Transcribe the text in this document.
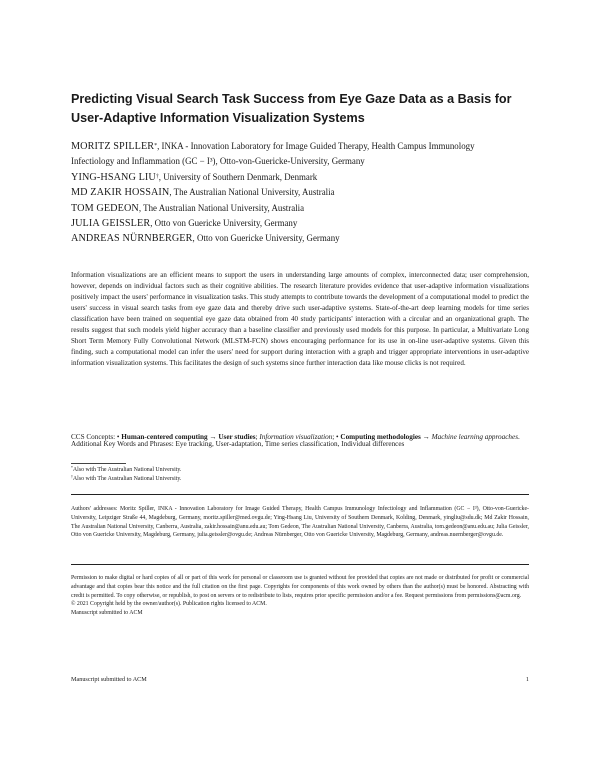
Predicting Visual Search Task Success from Eye Gaze Data as a Basis for
User-Adaptive Information Visualization Systems
MORITZ SPILLER*, INKA - Innovation Laboratory for Image Guided Therapy, Health Campus Immunology
Infectiology and Inflammation (GC − I³), Otto-von-Guericke-University, Germany
YING-HSANG LIU†, University of Southern Denmark, Denmark
MD ZAKIR HOSSAIN, The Australian National University, Australia
TOM GEDEON, The Australian National University, Australia
JULIA GEISSLER, Otto von Guericke University, Germany
ANDREAS NÜRNBERGER, Otto von Guericke University, Germany
Information visualizations are an efficient means to support the users in understanding large amounts of complex, interconnected data; user comprehension, however, depends on individual factors such as their cognitive abilities. The research literature provides evidence that user-adaptive information visualizations positively impact the users' performance in visualization tasks. This study attempts to contribute towards the development of a computational model to predict the users' success in visual search tasks from eye gaze data and thereby drive such user-adaptive systems. State-of-the-art deep learning models for time series classification have been trained on sequential eye gaze data obtained from 40 study participants' interaction with a circular and an organizational graph. The results suggest that such models yield higher accuracy than a baseline classifier and previously used models for this purpose. In particular, a Multivariate Long Short Term Memory Fully Convolutional Network (MLSTM-FCN) shows encouraging performance for its use in on-line user-adaptive systems. Given this finding, such a computational model can infer the users' need for support during interaction with a graph and trigger appropriate interventions in user-adaptive information visualization systems. This facilitates the design of such systems since further interaction data like mouse clicks is not required.
CCS Concepts: • Human-centered computing → User studies; Information visualization; • Computing methodologies → Machine learning approaches.
Additional Key Words and Phrases: Eye tracking, User-adaptation, Time series classification, Individual differences
*Also with The Australian National University.
†Also with The Australian National University.
Authors' addresses: Moritz Spiller, INKA - Innovation Laboratory for Image Guided Therapy, Health Campus Immunology Infectiology and Inflammation (GC − I³), Otto-von-Guericke-University, Leipziger Straße 44, Magdeburg, Germany, moritz.spiller@med.ovgu.de; Ying-Hsang Liu, University of Southern Denmark, Kolding, Denmark, yingliu@sdu.dk; Md Zakir Hossain, The Australian National University, Canberra, Australia, zakir.hossain@anu.edu.au; Tom Gedeon, The Australian National University, Canberra, Australia, tom.gedeon@anu.edu.au; Julia Geissler, Otto von Guericke University, Magdeburg, Germany, julia.geissler@ovgu.de; Andreas Nürnberger, Otto von Guericke University, Magdeburg, Germany, andreas.nuernberger@ovgu.de.
Permission to make digital or hard copies of all or part of this work for personal or classroom use is granted without fee provided that copies are not made or distributed for profit or commercial advantage and that copies bear this notice and the full citation on the first page. Copyrights for components of this work owned by others than the author(s) must be honored. Abstracting with credit is permitted. To copy otherwise, or republish, to post on servers or to redistribute to lists, requires prior specific permission and/or a fee. Request permissions from permissions@acm.org.
© 2021 Copyright held by the owner/author(s). Publication rights licensed to ACM.
Manuscript submitted to ACM
Manuscript submitted to ACM	1
